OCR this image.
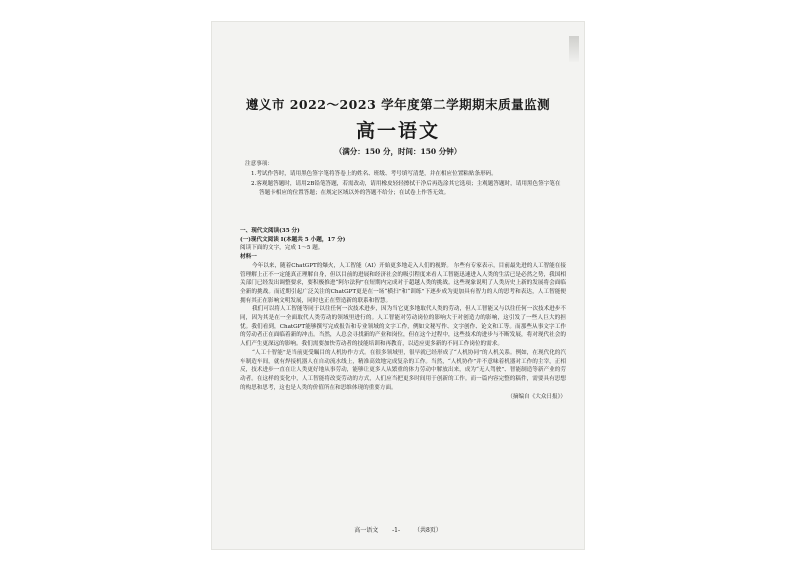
遵义市 2022～2023 学年度第二学期期末质量监测
高一语文
（满分：150 分，时间：150 分钟）
注意事项：
1.考试作答时，请用黑色签字笔将答卷上的姓名、班级、考号填写清楚，并在相应位置粘贴条形码。
2.客观题答题时，请用2B铅笔答题，若需改动，请用橡皮轻轻擦拭干净后再选涂其它选项；主观题答题时，请用黑色签字笔在答题卡相应的位置答题；在规定区域以外的答题不给分；在试卷上作答无效。
一、现代文阅读(35 分)
(一)现代文阅读 I(本题共 5 小题，17 分)
阅读下面的文字，完成 1～5 题。
材料一
今年以来，随着ChatGPT的爆火，人工智能（AI）开始更多地走入人们的视野。 尔些有专家表示，目前最先进的人工智能在接管理解上正不一定能真正理解自身，但以目前的进展和经济社会的吸引程度来看人工智能迅速进入人类的生活已是必然之势，我国相关部门已经发出调整要求，要积极推进“阿尔法狗”在短期内完成对于超越人类的挑战。这些现象说明了人类历史上新的发展将会面临全新的挑战。而近期引起广泛关注的ChatGPT更是在一场“横扫”和“训练”下逐步成为更加具有智力的人的思考和表达，人工智能便拥有其正在影响文明发展，同时也正在塑造新的联系和智慧。
我们可以将人工智能等同于以往任何一次技术进步，因为当它更多地取代人类的劳动，但人工智能又与以往任何一次技术进步不同，因为其是在一全面取代人类劳动的领域里进行的。人工智能对劳动岗位的影响大于对创造力的影响，这引发了一些人巨大的担忧。我们看到，ChatGPT能够撰写完成报告和专业领域的文字工作，例如文秘写作、文字创作、论文和工等。而那些从事文字工作的劳动者正在面临着新的冲击。当然，人总会寻找新的产业和岗位，但在这个过程中，这些技术的进步与不断发展，将对现代社会的人们产生更深远的影响。我们需要加快劳动者的技能培训和再教育，以适应更多新的不同工作岗位的需求。
“人工十智能”是当前更受瞩目的人机协作方式。在很多领域里，很早就已经形成了“人机协同”的人机关系。例如，在现代化的汽车制造车间，就有焊接机器人在自动流水线上，精准高效地完成复杂的工作。当然，“人机协作”并不意味着机器对工作的主宰，正相反，技术进步一直在让人类更好地从事劳动，能够让更多人从繁重的体力劳动中解放出来，成为“无人驾驶”、智能制造等新产业的劳动者。在这样的变化中，人工智能将改变劳动的方式，人们应当把更多时间用于创新的工作。而一篇内容完整的稿件，需要具有思想的构思和思考，这也是人类的价值所在和思维体现的重要方面。
（摘编自《大众日报》）
高一语文 -1- （共8页）
